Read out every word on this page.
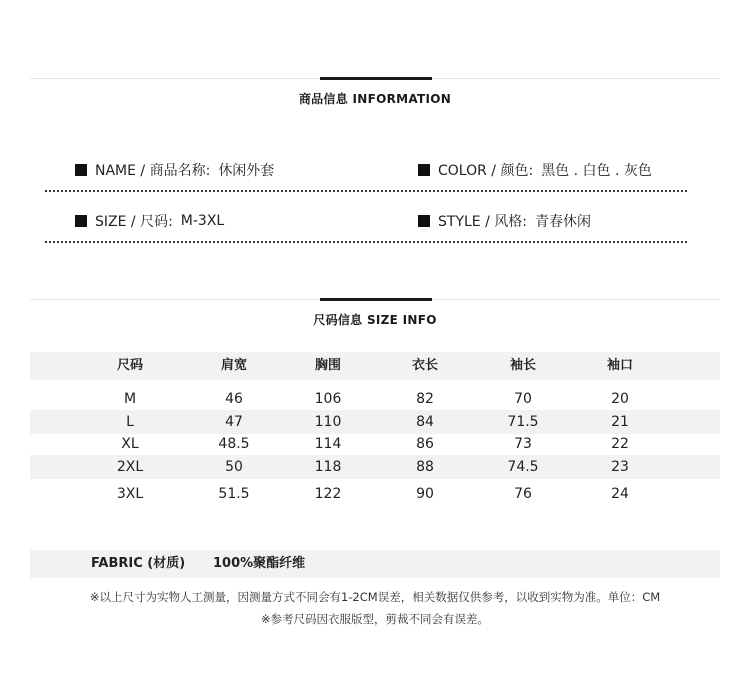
商品信息 INFORMATION
NAME / 商品名称: 休闲外套	COLOR / 颜色: 黑色 . 白色 . 灰色
SIZE / 尺码: M-3XL	STYLE / 风格: 青春休闲
尺码信息 SIZE INFO
尺码	肩宽	胸围	衣长	袖长	袖口
M	46	106	82	70	20
L	47	110	84	71.5	21
XL	48.5	114	86	73	22
2XL	50	118	88	74.5	23
3XL	51.5	122	90	76	24
FABRIC (材质) 100%聚酯纤维
※以上尺寸为实物人工测量，因测量方式不同会有1-2CM误差，相关数据仅供参考，以收到实物为准。单位：CM
※参考尺码因衣服版型，剪裁不同会有误差。
